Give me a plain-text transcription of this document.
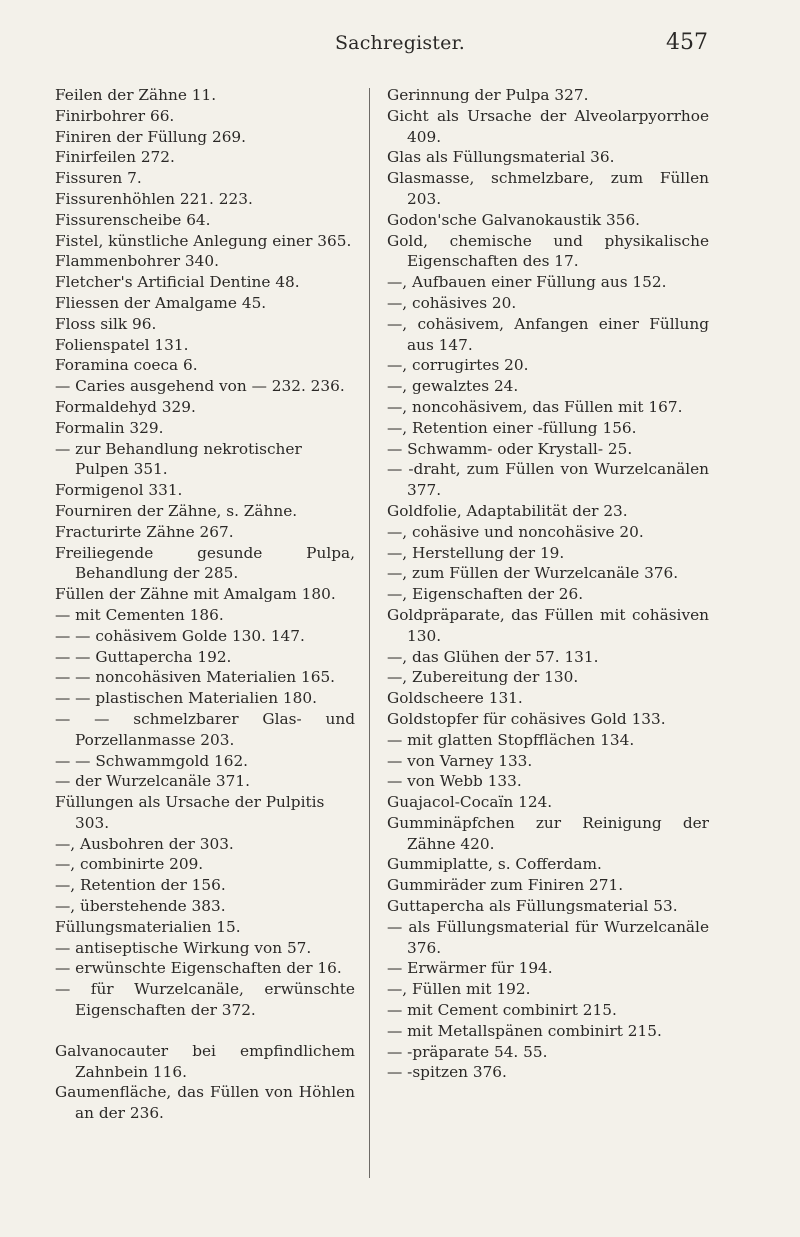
Sachregister.	457
Feilen der Zähne 11.
Finirbohrer 66.
Finiren der Füllung 269.
Finirfeilen 272.
Fissuren 7.
Fissurenhöhlen 221. 223.
Fissurenscheibe 64.
Fistel, künstliche Anlegung einer 365.
Flammenbohrer 340.
Fletcher's Artificial Dentine 48.
Fliessen der Amalgame 45.
Floss silk 96.
Folienspatel 131.
Foramina coeca 6.
— Caries ausgehend von — 232. 236.
Formaldehyd 329.
Formalin 329.
— zur Behandlung nekrotischer Pulpen 351.
Formigenol 331.
Fourniren der Zähne, s. Zähne.
Fracturirte Zähne 267.
Freiliegende gesunde Pulpa, Behandlung der 285.
Füllen der Zähne mit Amalgam 180.
— mit Cementen 186.
— — cohäsivem Golde 130. 147.
— — Guttapercha 192.
— — noncohäsiven Materialien 165.
— — plastischen Materialien 180.
— — schmelzbarer Glas- und Porzellanmasse 203.
— — Schwammgold 162.
— der Wurzelcanäle 371.
Füllungen als Ursache der Pulpitis 303.
—, Ausbohren der 303.
—, combinirte 209.
—, Retention der 156.
—, überstehende 383.
Füllungsmaterialien 15.
— antiseptische Wirkung von 57.
— erwünschte Eigenschaften der 16.
— für Wurzelcanäle, erwünschte Eigenschaften der 372.
Galvanocauter bei empfindlichem Zahnbein 116.
Gaumenfläche, das Füllen von Höhlen an der 236.
Gerinnung der Pulpa 327.
Gicht als Ursache der Alveolarpyorrhoe 409.
Glas als Füllungsmaterial 36.
Glasmasse, schmelzbare, zum Füllen 203.
Godon'sche Galvanokaustik 356.
Gold, chemische und physikalische Eigenschaften des 17.
—, Aufbauen einer Füllung aus 152.
—, cohäsives 20.
—, cohäsivem, Anfangen einer Füllung aus 147.
—, corrugirtes 20.
—, gewalztes 24.
—, noncohäsivem, das Füllen mit 167.
—, Retention einer -füllung 156.
— Schwamm- oder Krystall- 25.
— -draht, zum Füllen von Wurzelcanälen 377.
Goldfolie, Adaptabilität der 23.
—, cohäsive und noncohäsive 20.
—, Herstellung der 19.
—, zum Füllen der Wurzelcanäle 376.
—, Eigenschaften der 26.
Goldpräparate, das Füllen mit cohäsiven 130.
—, das Glühen der 57. 131.
—, Zubereitung der 130.
Goldscheere 131.
Goldstopfer für cohäsives Gold 133.
— mit glatten Stopfflächen 134.
— von Varney 133.
— von Webb 133.
Guajacol-Cocaïn 124.
Gumminäpfchen zur Reinigung der Zähne 420.
Gummiplatte, s. Cofferdam.
Gummiräder zum Finiren 271.
Guttapercha als Füllungsmaterial 53.
— als Füllungsmaterial für Wurzelcanäle 376.
— Erwärmer für 194.
—, Füllen mit 192.
— mit Cement combinirt 215.
— mit Metallspänen combinirt 215.
— -präparate 54. 55.
— -spitzen 376.
